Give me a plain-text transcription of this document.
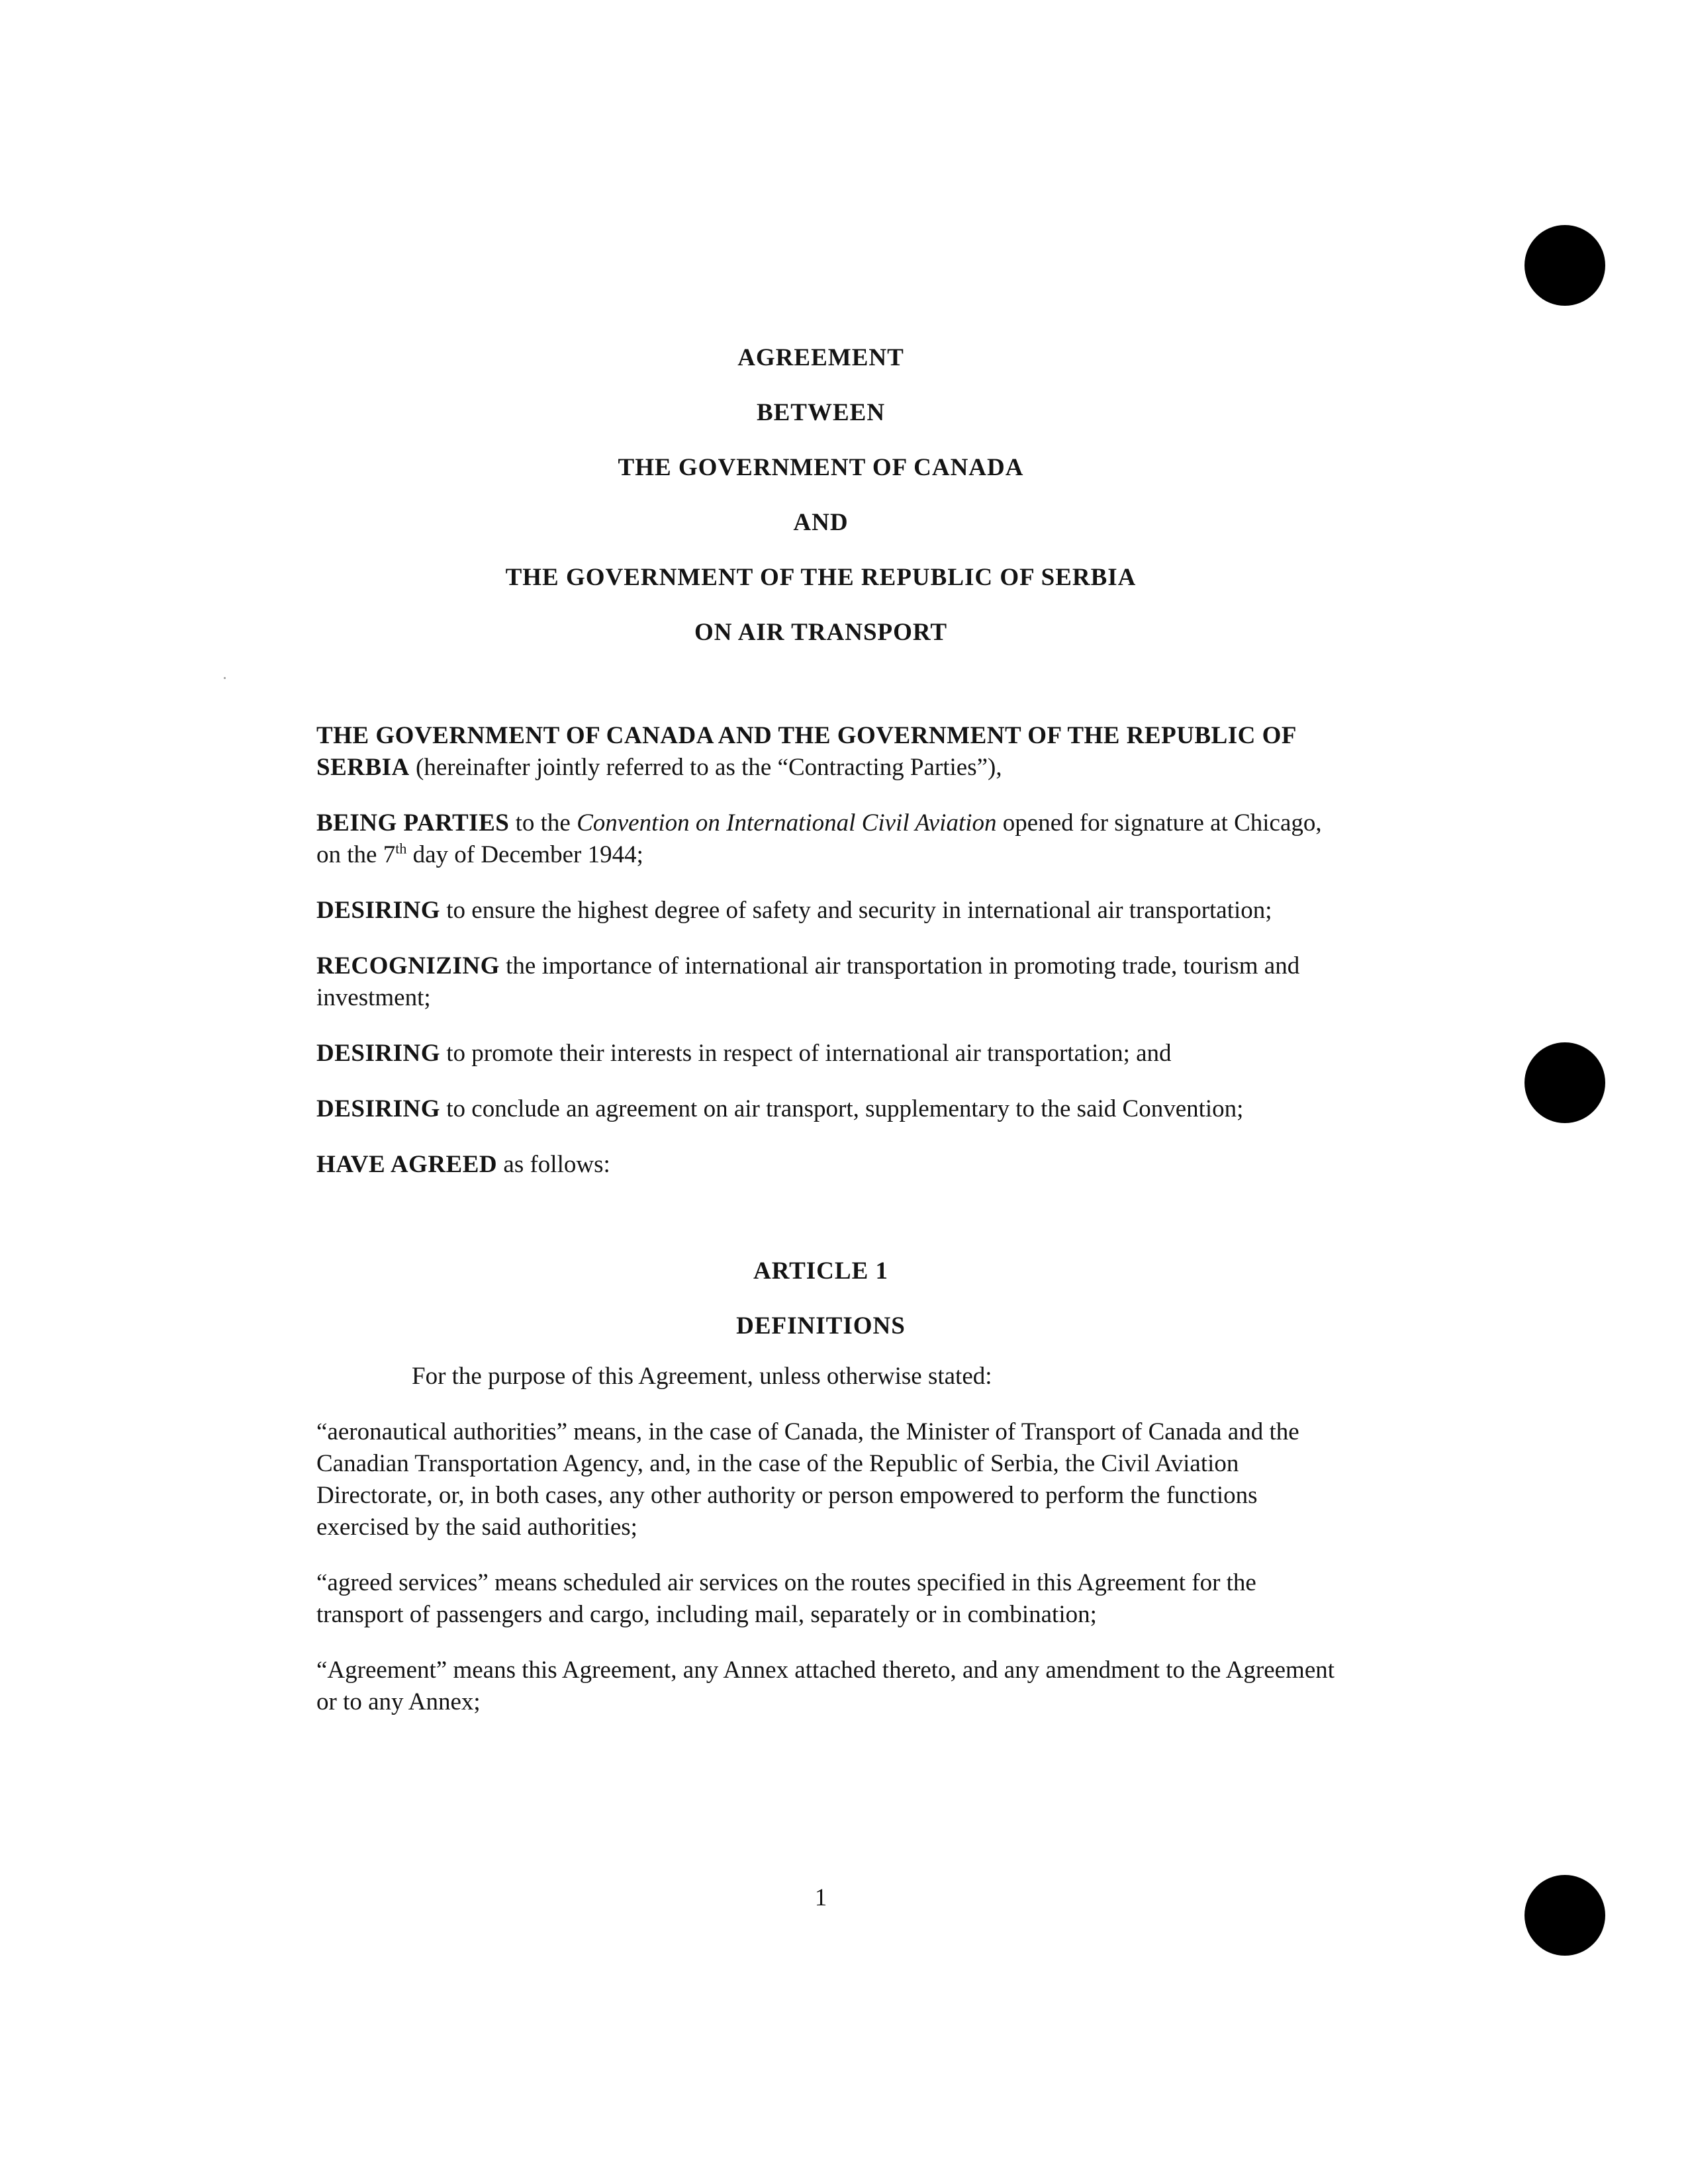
AGREEMENT
BETWEEN
THE GOVERNMENT OF CANADA
AND
THE GOVERNMENT OF THE REPUBLIC OF SERBIA
ON AIR TRANSPORT

THE GOVERNMENT OF CANADA AND THE GOVERNMENT OF THE REPUBLIC OF SERBIA (hereinafter jointly referred to as the “Contracting Parties”),

BEING PARTIES to the Convention on International Civil Aviation opened for signature at Chicago, on the 7th day of December 1944;

DESIRING to ensure the highest degree of safety and security in international air transportation;

RECOGNIZING the importance of international air transportation in promoting trade, tourism and investment;

DESIRING to promote their interests in respect of international air transportation; and

DESIRING to conclude an agreement on air transport, supplementary to the said Convention;

HAVE AGREED as follows:

ARTICLE 1
DEFINITIONS

For the purpose of this Agreement, unless otherwise stated:

“aeronautical authorities” means, in the case of Canada, the Minister of Transport of Canada and the Canadian Transportation Agency, and, in the case of the Republic of Serbia, the Civil Aviation Directorate, or, in both cases, any other authority or person empowered to perform the functions exercised by the said authorities;

“agreed services” means scheduled air services on the routes specified in this Agreement for the transport of passengers and cargo, including mail, separately or in combination;

“Agreement” means this Agreement, any Annex attached thereto, and any amendment to the Agreement or to any Annex;

1
